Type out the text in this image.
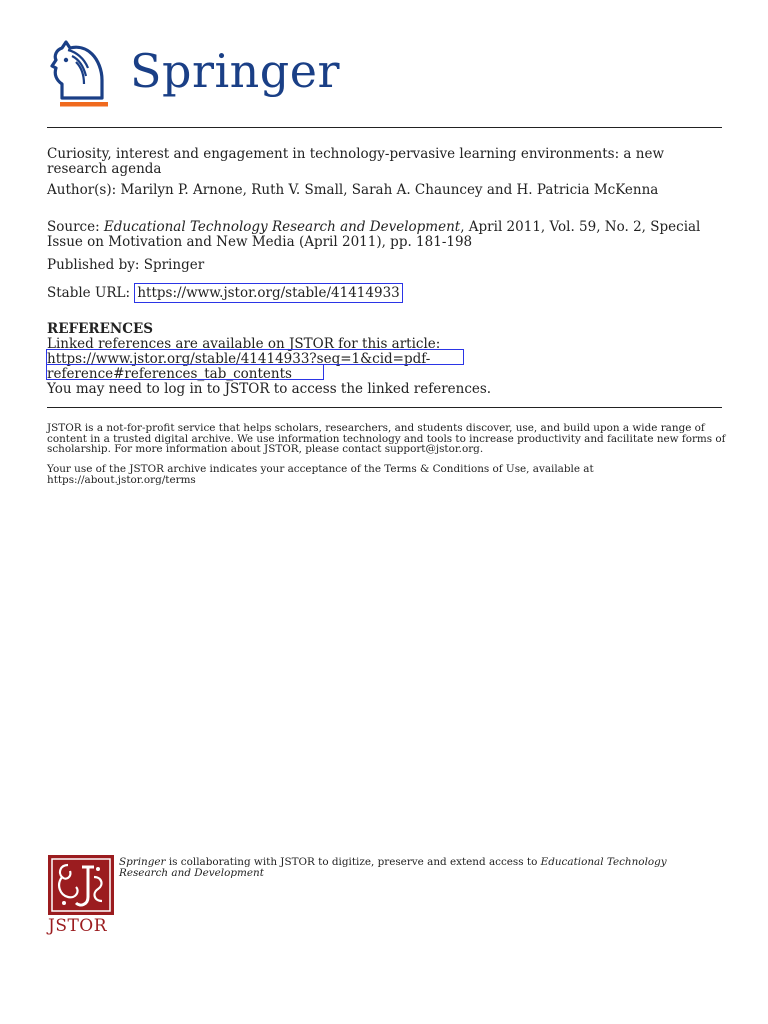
Springer
Curiosity, interest and engagement in technology-pervasive learning environments: a new research agenda
Author(s): Marilyn P. Arnone, Ruth V. Small, Sarah A. Chauncey and H. Patricia McKenna
Source: Educational Technology Research and Development, April 2011, Vol. 59, No. 2, Special Issue on Motivation and New Media (April 2011), pp. 181-198
Published by: Springer
Stable URL: https://www.jstor.org/stable/41414933
REFERENCES
Linked references are available on JSTOR for this article:
https://www.jstor.org/stable/41414933?seq=1&cid=pdf-
reference#references_tab_contents
You may need to log in to JSTOR to access the linked references.
JSTOR is a not-for-profit service that helps scholars, researchers, and students discover, use, and build upon a wide range of content in a trusted digital archive. We use information technology and tools to increase productivity and facilitate new forms of scholarship. For more information about JSTOR, please contact support@jstor.org.
Your use of the JSTOR archive indicates your acceptance of the Terms & Conditions of Use, available at https://about.jstor.org/terms
JSTOR
Springer is collaborating with JSTOR to digitize, preserve and extend access to Educational Technology Research and Development
